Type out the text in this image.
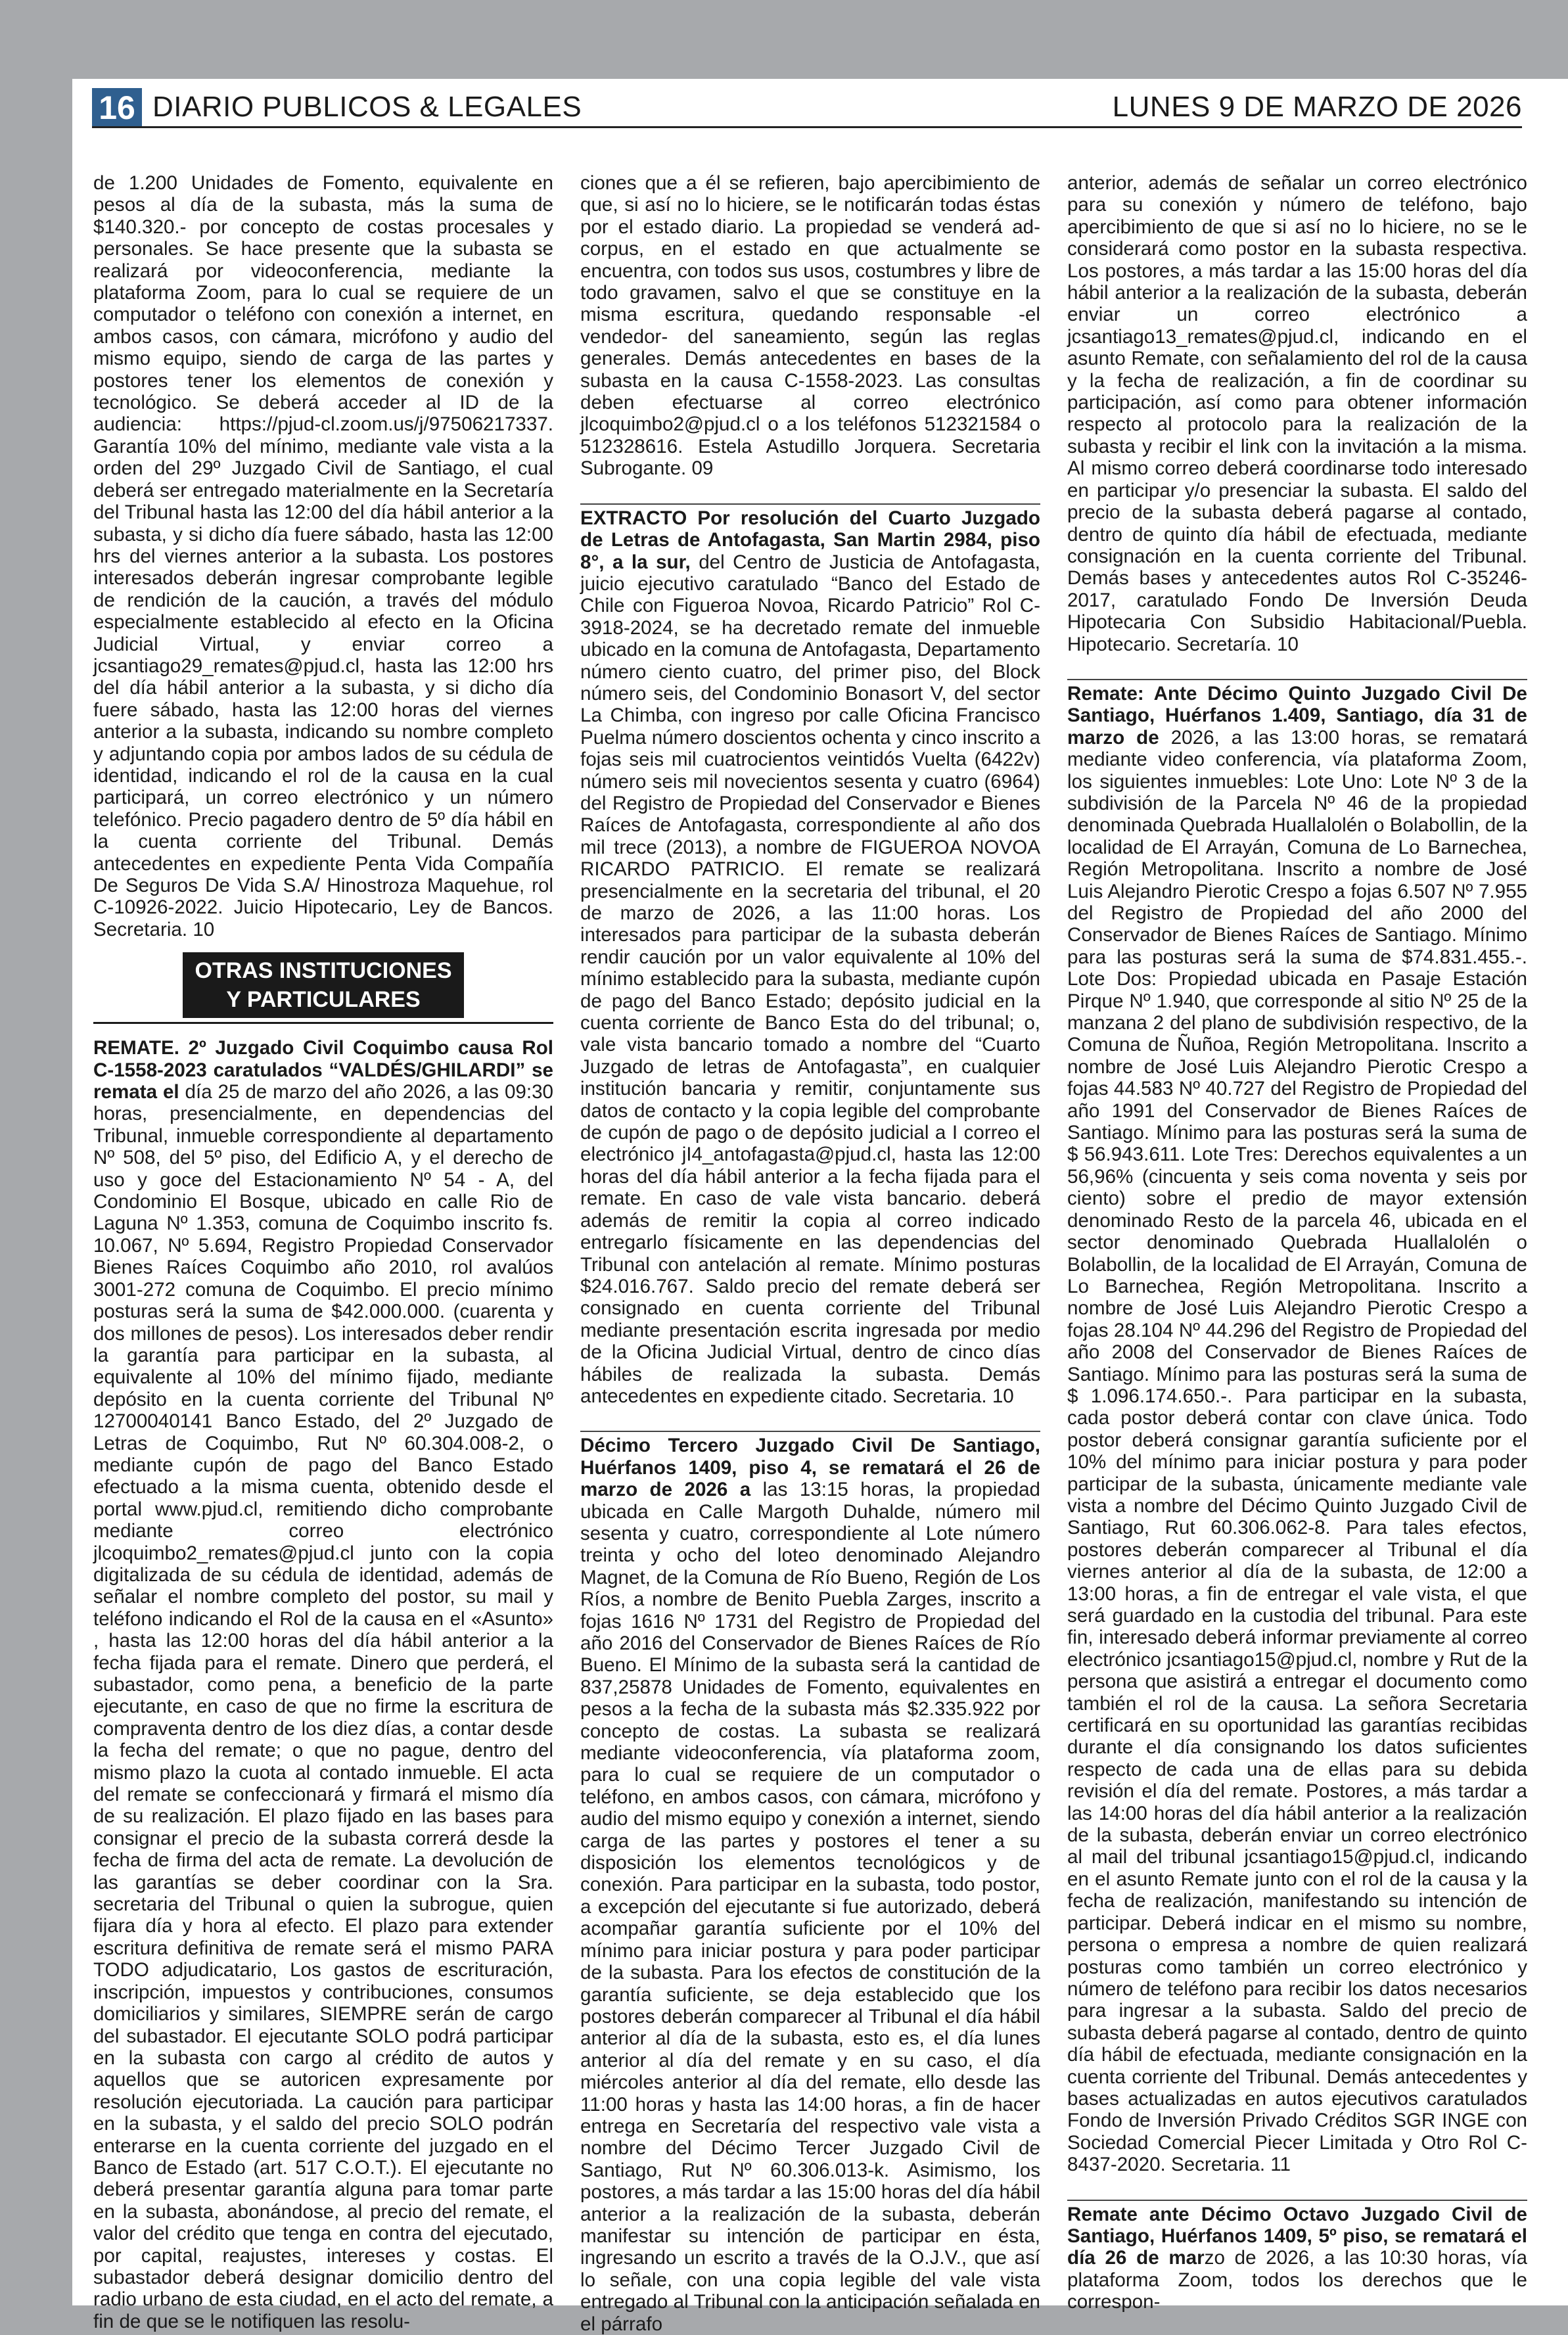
16 DIARIO PUBLICOS & LEGALES	LUNES 9 DE MARZO DE 2026

de 1.200 Unidades de Fomento, equivalente en pesos al día de la subasta, más la suma de $140.320.- por concepto de costas procesales y personales. Se hace presente que la subasta se realizará por videoconferencia, mediante la plataforma Zoom, para lo cual se requiere de un computador o teléfono con conexión a internet, en ambos casos, con cámara, micrófono y audio del mismo equipo, siendo de carga de las partes y postores tener los elementos de conexión y tecnológico. Se deberá acceder al ID de la audiencia: https://pjud-cl.zoom.us/j/97506217337. Garantía 10% del mínimo, mediante vale vista a la orden del 29º Juzgado Civil de Santiago, el cual deberá ser entregado materialmente en la Secretaría del Tribunal hasta las 12:00 del día hábil anterior a la subasta, y si dicho día fuere sábado, hasta las 12:00 hrs del viernes anterior a la subasta. Los postores interesados deberán ingresar comprobante legible de rendición de la caución, a través del módulo especialmente establecido al efecto en la Oficina Judicial Virtual, y enviar correo a jcsantiago29_remates@pjud.cl, hasta las 12:00 hrs del día hábil anterior a la subasta, y si dicho día fuere sábado, hasta las 12:00 horas del viernes anterior a la subasta, indicando su nombre completo y adjuntando copia por ambos lados de su cédula de identidad, indicando el rol de la causa en la cual participará, un correo electrónico y un número telefónico. Precio pagadero dentro de 5º día hábil en la cuenta corriente del Tribunal. Demás antecedentes en expediente Penta Vida Compañía De Seguros De Vida S.A/ Hinostroza Maquehue, rol C-10926-2022. Juicio Hipotecario, Ley de Bancos. Secretaria. 10

OTRAS INSTITUCIONES
Y PARTICULARES

REMATE. 2º Juzgado Civil Coquimbo causa Rol C-1558-2023 caratulados “VALDÉS/GHILARDI” se remata el día 25 de marzo del año 2026, a las 09:30 horas, presencialmente, en dependencias del Tribunal, inmueble correspondiente al departamento Nº 508, del 5º piso, del Edificio A, y el derecho de uso y goce del Estacionamiento Nº 54 - A, del Condominio El Bosque, ubicado en calle Rio de Laguna Nº 1.353, comuna de Coquimbo inscrito fs. 10.067, Nº 5.694, Registro Propiedad Conservador Bienes Raíces Coquimbo año 2010, rol avalúos 3001-272 comuna de Coquimbo. El precio mínimo posturas será la suma de $42.000.000. (cuarenta y dos millones de pesos). Los interesados deber rendir la garantía para participar en la subasta, al equivalente al 10% del mínimo fijado, mediante depósito en la cuenta corriente del Tribunal Nº 12700040141 Banco Estado, del 2º Juzgado de Letras de Coquimbo, Rut Nº 60.304.008-2, o mediante cupón de pago del Banco Estado efectuado a la misma cuenta, obtenido desde el portal www.pjud.cl, remitiendo dicho comprobante mediante correo electrónico jlcoquimbo2_remates@pjud.cl junto con la copia digitalizada de su cédula de identidad, además de señalar el nombre completo del postor, su mail y teléfono indicando el Rol de la causa en el «Asunto» , hasta las 12:00 horas del día hábil anterior a la fecha fijada para el remate. Dinero que perderá, el subastador, como pena, a beneficio de la parte ejecutante, en caso de que no firme la escritura de compraventa dentro de los diez días, a contar desde la fecha del remate; o que no pague, dentro del mismo plazo la cuota al contado inmueble. El acta del remate se confeccionará y firmará el mismo día de su realización. El plazo fijado en las bases para consignar el precio de la subasta correrá desde la fecha de firma del acta de remate. La devolución de las garantías se deber coordinar con la Sra. secretaria del Tribunal o quien la subrogue, quien fijara día y hora al efecto. El plazo para extender escritura definitiva de remate será el mismo PARA TODO adjudicatario, Los gastos de escrituración, inscripción, impuestos y contribuciones, consumos domiciliarios y similares, SIEMPRE serán de cargo del subastador. El ejecutante SOLO podrá participar en la subasta con cargo al crédito de autos y aquellos que se autoricen expresamente por resolución ejecutoriada. La caución para participar en la subasta, y el saldo del precio SOLO podrán enterarse en la cuenta corriente del juzgado en el Banco de Estado (art. 517 C.O.T.). El ejecutante no deberá presentar garantía alguna para tomar parte en la subasta, abonándose, al precio del remate, el valor del crédito que tenga en contra del ejecutado, por capital, reajustes, intereses y costas. El subastador deberá designar domicilio dentro del radio urbano de esta ciudad, en el acto del remate, a fin de que se le notifiquen las resolu-

ciones que a él se refieren, bajo apercibimiento de que, si así no lo hiciere, se le notificarán todas éstas por el estado diario. La propiedad se venderá ad-corpus, en el estado en que actualmente se encuentra, con todos sus usos, costumbres y libre de todo gravamen, salvo el que se constituye en la misma escritura, quedando responsable -el vendedor- del saneamiento, según las reglas generales. Demás antecedentes en bases de la subasta en la causa C-1558-2023. Las consultas deben efectuarse al correo electrónico jlcoquimbo2@pjud.cl o a los teléfonos 512321584 o 512328616. Estela Astudillo Jorquera. Secretaria Subrogante. 09

EXTRACTO Por resolución del Cuarto Juzgado de Letras de Antofagasta, San Martin 2984, piso 8°, a la sur, del Centro de Justicia de Antofagasta, juicio ejecutivo caratulado “Banco del Estado de Chile con Figueroa Novoa, Ricardo Patricio” Rol C-3918-2024, se ha decretado remate del inmueble ubicado en la comuna de Antofagasta, Departamento número ciento cuatro, del primer piso, del Block número seis, del Condominio Bonasort V, del sector La Chimba, con ingreso por calle Oficina Francisco Puelma número doscientos ochenta y cinco inscrito a fojas seis mil cuatrocientos veintidós Vuelta (6422v) número seis mil novecientos sesenta y cuatro (6964) del Registro de Propiedad del Conservador e Bienes Raíces de Antofagasta, correspondiente al año dos mil trece (2013), a nombre de FIGUEROA NOVOA RICARDO PATRICIO. El remate se realizará presencialmente en la secretaria del tribunal, el 20 de marzo de 2026, a las 11:00 horas. Los interesados para participar de la subasta deberán rendir caución por un valor equivalente al 10% del mínimo establecido para la subasta, mediante cupón de pago del Banco Estado; depósito judicial en la cuenta corriente de Banco Esta do del tribunal; o, vale vista bancario tomado a nombre del “Cuarto Juzgado de letras de Antofagasta”, en cualquier institución bancaria y remitir, conjuntamente sus datos de contacto y la copia legible del comprobante de cupón de pago o de depósito judicial a I correo el electrónico jI4_antofagasta@pjud.cl, hasta las 12:00 horas del día hábil anterior a la fecha fijada para el remate. En caso de vale vista bancario. deberá además de remitir la copia al correo indicado entregarlo físicamente en las dependencias del Tribunal con antelación al remate. Mínimo posturas $24.016.767. Saldo precio del remate deberá ser consignado en cuenta corriente del Tribunal mediante presentación escrita ingresada por medio de la Oficina Judicial Virtual, dentro de cinco días hábiles de realizada la subasta. Demás antecedentes en expediente citado. Secretaria. 10

Décimo Tercero Juzgado Civil De Santiago, Huérfanos 1409, piso 4, se rematará el 26 de marzo de 2026 a las 13:15 horas, la propiedad ubicada en Calle Margoth Duhalde, número mil sesenta y cuatro, correspondiente al Lote número treinta y ocho del loteo denominado Alejandro Magnet, de la Comuna de Río Bueno, Región de Los Ríos, a nombre de Benito Puebla Zarges, inscrito a fojas 1616 Nº 1731 del Registro de Propiedad del año 2016 del Conservador de Bienes Raíces de Río Bueno. El Mínimo de la subasta será la cantidad de 837,25878 Unidades de Fomento, equivalentes en pesos a la fecha de la subasta más $2.335.922 por concepto de costas. La subasta se realizará mediante videoconferencia, vía plataforma zoom, para lo cual se requiere de un computador o teléfono, en ambos casos, con cámara, micrófono y audio del mismo equipo y conexión a internet, siendo carga de las partes y postores el tener a su disposición los elementos tecnológicos y de conexión. Para participar en la subasta, todo postor, a excepción del ejecutante si fue autorizado, deberá acompañar garantía suficiente por el 10% del mínimo para iniciar postura y para poder participar de la subasta. Para los efectos de constitución de la garantía suficiente, se deja establecido que los postores deberán comparecer al Tribunal el día hábil anterior al día de la subasta, esto es, el día lunes anterior al día del remate y en su caso, el día miércoles anterior al día del remate, ello desde las 11:00 horas y hasta las 14:00 horas, a fin de hacer entrega en Secretaría del respectivo vale vista a nombre del Décimo Tercer Juzgado Civil de Santiago, Rut Nº 60.306.013-k. Asimismo, los postores, a más tardar a las 15:00 horas del día hábil anterior a la realización de la subasta, deberán manifestar su intención de participar en ésta, ingresando un escrito a través de la O.J.V., que así lo señale, con una copia legible del vale vista entregado al Tribunal con la anticipación señalada en el párrafo

anterior, además de señalar un correo electrónico para su conexión y número de teléfono, bajo apercibimiento de que si así no lo hiciere, no se le considerará como postor en la subasta respectiva. Los postores, a más tardar a las 15:00 horas del día hábil anterior a la realización de la subasta, deberán enviar un correo electrónico a jcsantiago13_remates@pjud.cl, indicando en el asunto Remate, con señalamiento del rol de la causa y la fecha de realización, a fin de coordinar su participación, así como para obtener información respecto al protocolo para la realización de la subasta y recibir el link con la invitación a la misma. Al mismo correo deberá coordinarse todo interesado en participar y/o presenciar la subasta. El saldo del precio de la subasta deberá pagarse al contado, dentro de quinto día hábil de efectuada, mediante consignación en la cuenta corriente del Tribunal. Demás bases y antecedentes autos Rol C-35246-2017, caratulado Fondo De Inversión Deuda Hipotecaria Con Subsidio Habitacional/Puebla. Hipotecario. Secretaría. 10

Remate: Ante Décimo Quinto Juzgado Civil De Santiago, Huérfanos 1.409, Santiago, día 31 de marzo de 2026, a las 13:00 horas, se rematará mediante video conferencia, vía plataforma Zoom, los siguientes inmuebles: Lote Uno: Lote Nº 3 de la subdivisión de la Parcela Nº 46 de la propiedad denominada Quebrada Huallalolén o Bolabollin, de la localidad de El Arrayán, Comuna de Lo Barnechea, Región Metropolitana. Inscrito a nombre de José Luis Alejandro Pierotic Crespo a fojas 6.507 Nº 7.955 del Registro de Propiedad del año 2000 del Conservador de Bienes Raíces de Santiago. Mínimo para las posturas será la suma de $74.831.455.-. Lote Dos: Propiedad ubicada en Pasaje Estación Pirque Nº 1.940, que corresponde al sitio Nº 25 de la manzana 2 del plano de subdivisión respectivo, de la Comuna de Ñuñoa, Región Metropolitana. Inscrito a nombre de José Luis Alejandro Pierotic Crespo a fojas 44.583 Nº 40.727 del Registro de Propiedad del año 1991 del Conservador de Bienes Raíces de Santiago. Mínimo para las posturas será la suma de $ 56.943.611. Lote Tres: Derechos equivalentes a un 56,96% (cincuenta y seis coma noventa y seis por ciento) sobre el predio de mayor extensión denominado Resto de la parcela 46, ubicada en el sector denominado Quebrada Huallalolén o Bolabollin, de la localidad de El Arrayán, Comuna de Lo Barnechea, Región Metropolitana. Inscrito a nombre de José Luis Alejandro Pierotic Crespo a fojas 28.104 Nº 44.296 del Registro de Propiedad del año 2008 del Conservador de Bienes Raíces de Santiago. Mínimo para las posturas será la suma de $ 1.096.174.650.-. Para participar en la subasta, cada postor deberá contar con clave única. Todo postor deberá consignar garantía suficiente por el 10% del mínimo para iniciar postura y para poder participar de la subasta, únicamente mediante vale vista a nombre del Décimo Quinto Juzgado Civil de Santiago, Rut 60.306.062-8. Para tales efectos, postores deberán comparecer al Tribunal el día viernes anterior al día de la subasta, de 12:00 a 13:00 horas, a fin de entregar el vale vista, el que será guardado en la custodia del tribunal. Para este fin, interesado deberá informar previamente al correo electrónico jcsantiago15@pjud.cl, nombre y Rut de la persona que asistirá a entregar el documento como también el rol de la causa. La señora Secretaria certificará en su oportunidad las garantías recibidas durante el día consignando los datos suficientes respecto de cada una de ellas para su debida revisión el día del remate. Postores, a más tardar a las 14:00 horas del día hábil anterior a la realización de la subasta, deberán enviar un correo electrónico al mail del tribunal jcsantiago15@pjud.cl, indicando en el asunto Remate junto con el rol de la causa y la fecha de realización, manifestando su intención de participar. Deberá indicar en el mismo su nombre, persona o empresa a nombre de quien realizará posturas como también un correo electrónico y número de teléfono para recibir los datos necesarios para ingresar a la subasta. Saldo del precio de subasta deberá pagarse al contado, dentro de quinto día hábil de efectuada, mediante consignación en la cuenta corriente del Tribunal. Demás antecedentes y bases actualizadas en autos ejecutivos caratulados Fondo de Inversión Privado Créditos SGR INGE con Sociedad Comercial Piecer Limitada y Otro Rol C-8437-2020. Secretaria. 11

Remate ante Décimo Octavo Juzgado Civil de Santiago, Huérfanos 1409, 5º piso, se rematará el día 26 de marzo de 2026, a las 10:30 horas, vía plataforma Zoom, todos los derechos que le correspon-
